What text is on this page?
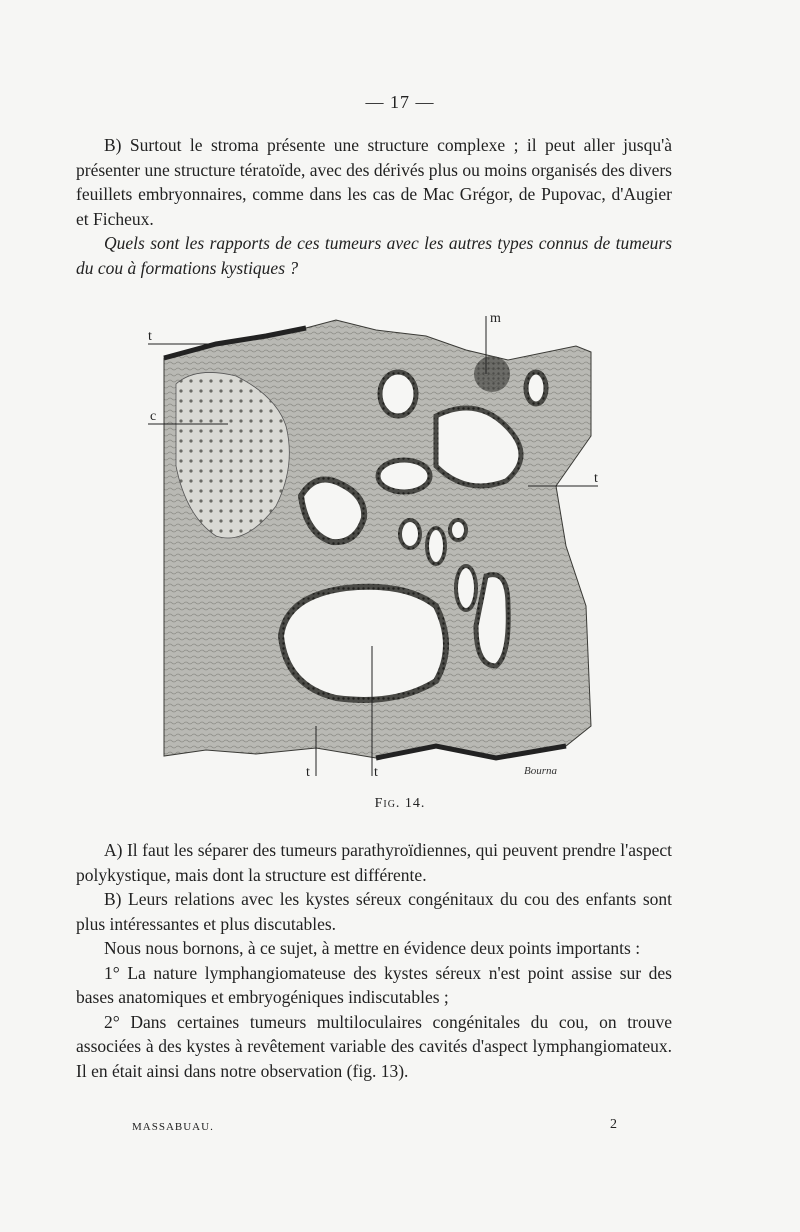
— 17 —

B) Surtout le stroma présente une structure complexe ; il peut aller jusqu'à présenter une structure tératoïde, avec des dérivés plus ou moins organisés des divers feuillets embryonnaires, comme dans les cas de Mac Grégor, de Pupovac, d'Augier et Ficheux.

Quels sont les rapports de ces tumeurs avec les autres types connus de tumeurs du cou à formations kystiques ?

t
c
m
t
t	t	Bourna
Fig. 14.

A) Il faut les séparer des tumeurs parathyroïdiennes, qui peuvent prendre l'aspect polykystique, mais dont la structure est différente.

B) Leurs relations avec les kystes séreux congénitaux du cou des enfants sont plus intéressantes et plus discutables.

Nous nous bornons, à ce sujet, à mettre en évidence deux points importants :

1° La nature lymphangiomateuse des kystes séreux n'est point assise sur des bases anatomiques et embryogéniques indiscutables ;

2° Dans certaines tumeurs multiloculaires congénitales du cou, on trouve associées à des kystes à revêtement variable des cavités d'aspect lymphangiomateux. Il en était ainsi dans notre observation (fig. 13).

MASSABUAU.	2
